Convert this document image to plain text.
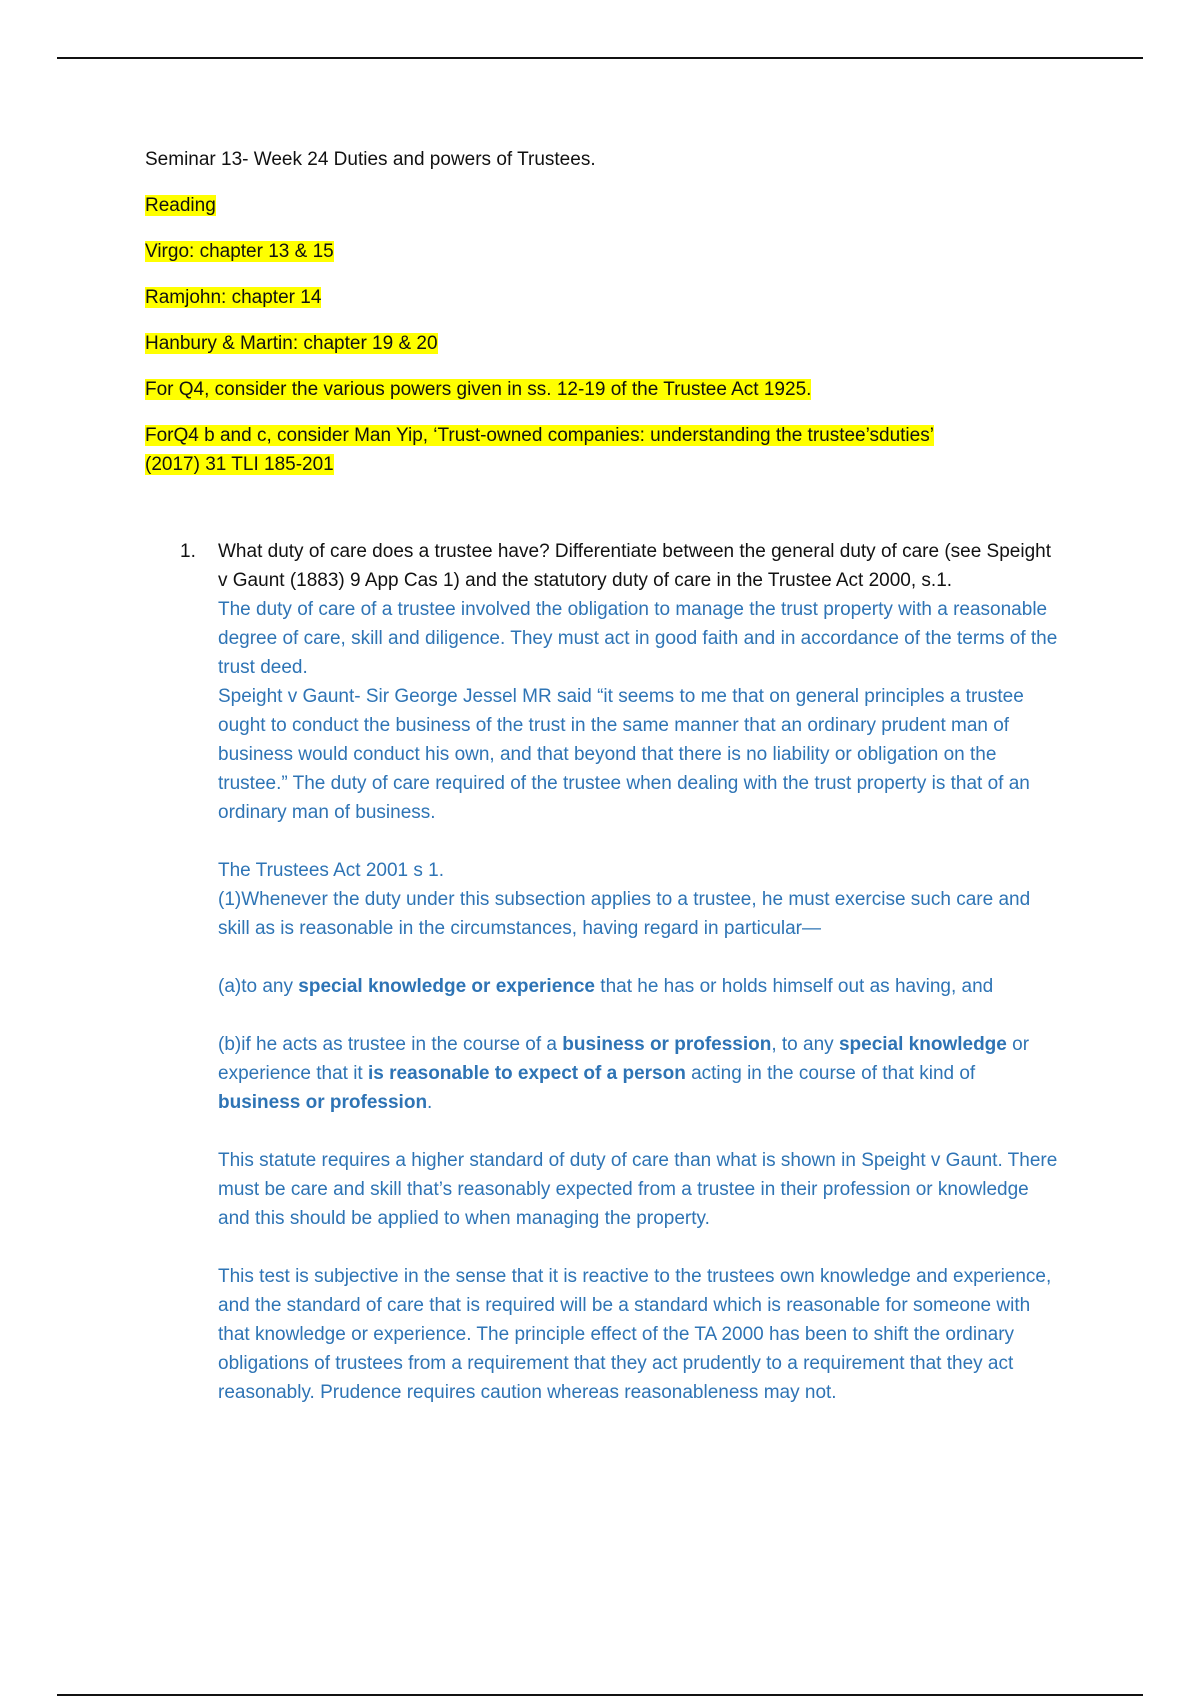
Seminar 13- Week 24 Duties and powers of Trustees.

Reading

Virgo: chapter 13 & 15

Ramjohn: chapter 14

Hanbury & Martin: chapter 19 & 20

For Q4, consider the various powers given in ss. 12-19 of the Trustee Act 1925.

ForQ4 b and c, consider Man Yip, ‘Trust-owned companies: understanding the trustee’sduties’
(2017) 31 TLI 185-201

1. What duty of care does a trustee have? Differentiate between the general duty of care (see Speight v Gaunt (1883) 9 App Cas 1) and the statutory duty of care in the Trustee Act 2000, s.1.

The duty of care of a trustee involved the obligation to manage the trust property with a reasonable degree of care, skill and diligence. They must act in good faith and in accordance of the terms of the trust deed.

Speight v Gaunt- Sir George Jessel MR said “it seems to me that on general principles a trustee ought to conduct the business of the trust in the same manner that an ordinary prudent man of business would conduct his own, and that beyond that there is no liability or obligation on the trustee.” The duty of care required of the trustee when dealing with the trust property is that of an ordinary man of business.

The Trustees Act 2001 s 1.

(1)Whenever the duty under this subsection applies to a trustee, he must exercise such care and skill as is reasonable in the circumstances, having regard in particular—

(a)to any special knowledge or experience that he has or holds himself out as having, and

(b)if he acts as trustee in the course of a business or profession, to any special knowledge or experience that it is reasonable to expect of a person acting in the course of that kind of business or profession.

This statute requires a higher standard of duty of care than what is shown in Speight v Gaunt. There must be care and skill that’s reasonably expected from a trustee in their profession or knowledge and this should be applied to when managing the property.

This test is subjective in the sense that it is reactive to the trustees own knowledge and experience, and the standard of care that is required will be a standard which is reasonable for someone with that knowledge or experience. The principle effect of the TA 2000 has been to shift the ordinary obligations of trustees from a requirement that they act prudently to a requirement that they act reasonably. Prudence requires caution whereas reasonableness may not.
